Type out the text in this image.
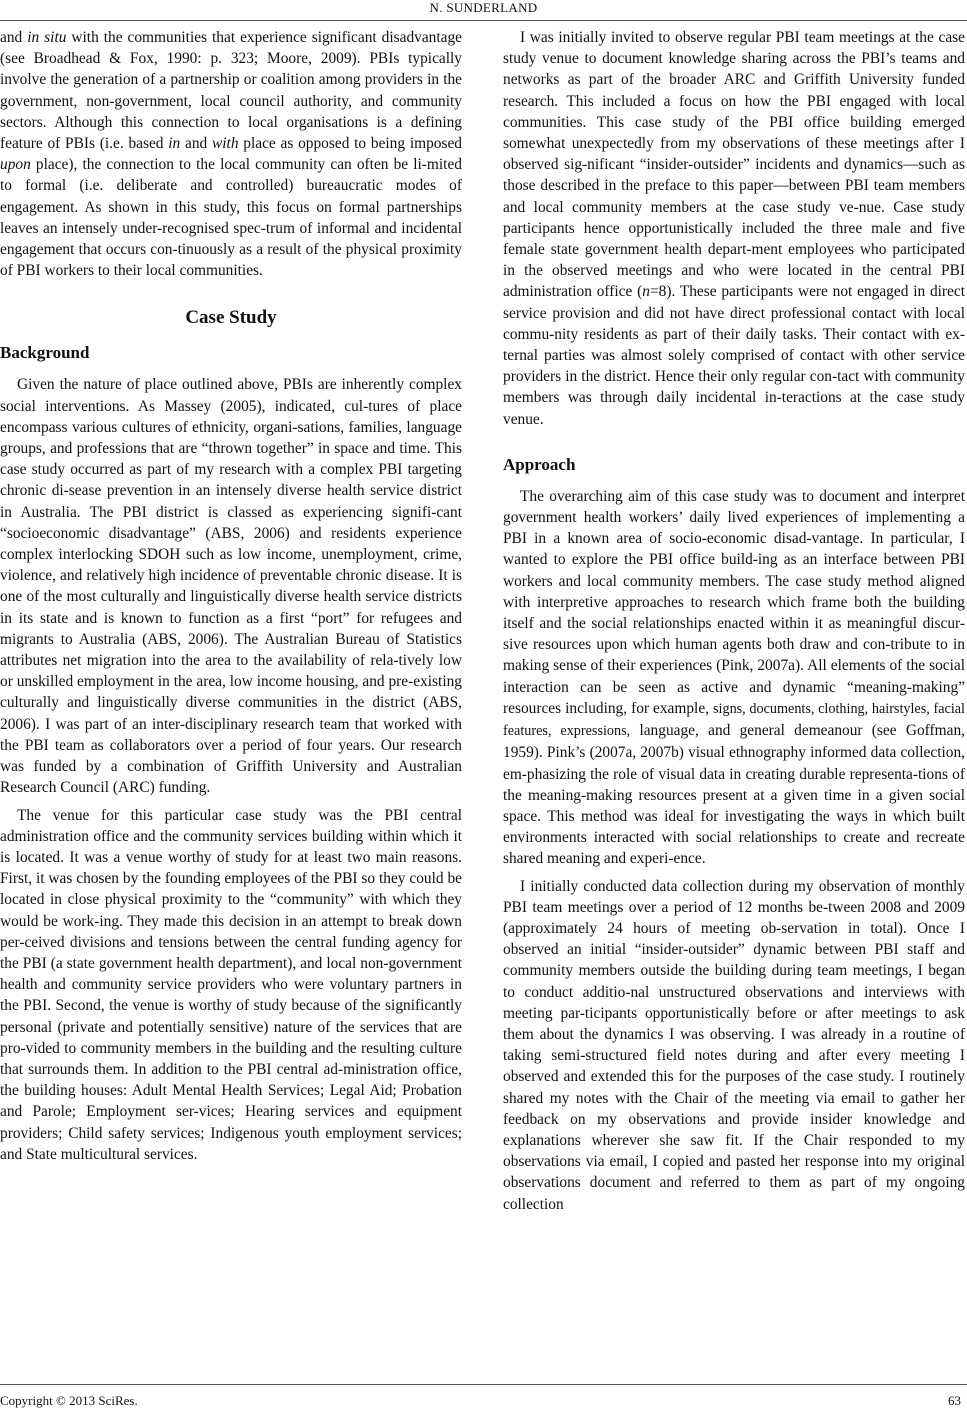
N. SUNDERLAND

and in situ with the communities that experience significant disadvantage (see Broadhead & Fox, 1990: p. 323; Moore, 2009). PBIs typically involve the generation of a partnership or coalition among providers in the government, non-government, local council authority, and community sectors. Although this connection to local organisations is a defining feature of PBIs (i.e. based in and with place as opposed to being imposed upon place), the connection to the local community can often be li-mited to formal (i.e. deliberate and controlled) bureaucratic modes of engagement. As shown in this study, this focus on formal partnerships leaves an intensely under-recognised spec-trum of informal and incidental engagement that occurs con-tinuously as a result of the physical proximity of PBI workers to their local communities.

Case Study
Background

Given the nature of place outlined above, PBIs are inherently complex social interventions. As Massey (2005), indicated, cul-tures of place encompass various cultures of ethnicity, organi-sations, families, language groups, and professions that are “thrown together” in space and time. This case study occurred as part of my research with a complex PBI targeting chronic di-sease prevention in an intensely diverse health service district in Australia. The PBI district is classed as experiencing signifi-cant “socioeconomic disadvantage” (ABS, 2006) and residents experience complex interlocking SDOH such as low income, unemployment, crime, violence, and relatively high incidence of preventable chronic disease. It is one of the most culturally and linguistically diverse health service districts in its state and is known to function as a first “port” for refugees and migrants to Australia (ABS, 2006). The Australian Bureau of Statistics attributes net migration into the area to the availability of rela-tively low or unskilled employment in the area, low income housing, and pre-existing culturally and linguistically diverse communities in the district (ABS, 2006). I was part of an inter-disciplinary research team that worked with the PBI team as collaborators over a period of four years. Our research was funded by a combination of Griffith University and Australian Research Council (ARC) funding.

The venue for this particular case study was the PBI central administration office and the community services building within which it is located. It was a venue worthy of study for at least two main reasons. First, it was chosen by the founding employees of the PBI so they could be located in close physical proximity to the “community” with which they would be work-ing. They made this decision in an attempt to break down per-ceived divisions and tensions between the central funding agency for the PBI (a state government health department), and local non-government health and community service providers who were voluntary partners in the PBI. Second, the venue is worthy of study because of the significantly personal (private and potentially sensitive) nature of the services that are pro-vided to community members in the building and the resulting culture that surrounds them. In addition to the PBI central ad-ministration office, the building houses: Adult Mental Health Services; Legal Aid; Probation and Parole; Employment ser-vices; Hearing services and equipment providers; Child safety services; Indigenous youth employment services; and State multicultural services.

I was initially invited to observe regular PBI team meetings at the case study venue to document knowledge sharing across the PBI’s teams and networks as part of the broader ARC and Griffith University funded research. This included a focus on how the PBI engaged with local communities. This case study of the PBI office building emerged somewhat unexpectedly from my observations of these meetings after I observed sig-nificant “insider-outsider” incidents and dynamics—such as those described in the preface to this paper—between PBI team members and local community members at the case study ve-nue. Case study participants hence opportunistically included the three male and five female state government health depart-ment employees who participated in the observed meetings and who were located in the central PBI administration office (n=8). These participants were not engaged in direct service provision and did not have direct professional contact with local commu-nity residents as part of their daily tasks. Their contact with ex-ternal parties was almost solely comprised of contact with other service providers in the district. Hence their only regular con-tact with community members was through daily incidental in-teractions at the case study venue.

Approach

The overarching aim of this case study was to document and interpret government health workers’ daily lived experiences of implementing a PBI in a known area of socio-economic disad-vantage. In particular, I wanted to explore the PBI office build-ing as an interface between PBI workers and local community members. The case study method aligned with interpretive approaches to research which frame both the building itself and the social relationships enacted within it as meaningful discur-sive resources upon which human agents both draw and con-tribute to in making sense of their experiences (Pink, 2007a). All elements of the social interaction can be seen as active and dynamic “meaning-making” resources including, for example, signs, documents, clothing, hairstyles, facial features, expressions, language, and general demeanour (see Goffman, 1959). Pink’s (2007a, 2007b) visual ethnography informed data collection, em-phasizing the role of visual data in creating durable representa-tions of the meaning-making resources present at a given time in a given social space. This method was ideal for investigating the ways in which built environments interacted with social relationships to create and recreate shared meaning and experi-ence.

I initially conducted data collection during my observation of monthly PBI team meetings over a period of 12 months be-tween 2008 and 2009 (approximately 24 hours of meeting ob-servation in total). Once I observed an initial “insider-outsider” dynamic between PBI staff and community members outside the building during team meetings, I began to conduct additio-nal unstructured observations and interviews with meeting par-ticipants opportunistically before or after meetings to ask them about the dynamics I was observing. I was already in a routine of taking semi-structured field notes during and after every meeting I observed and extended this for the purposes of the case study. I routinely shared my notes with the Chair of the meeting via email to gather her feedback on my observations and provide insider knowledge and explanations wherever she saw fit. If the Chair responded to my observations via email, I copied and pasted her response into my original observations document and referred to them as part of my ongoing collection

Copyright © 2013 SciRes.	63
